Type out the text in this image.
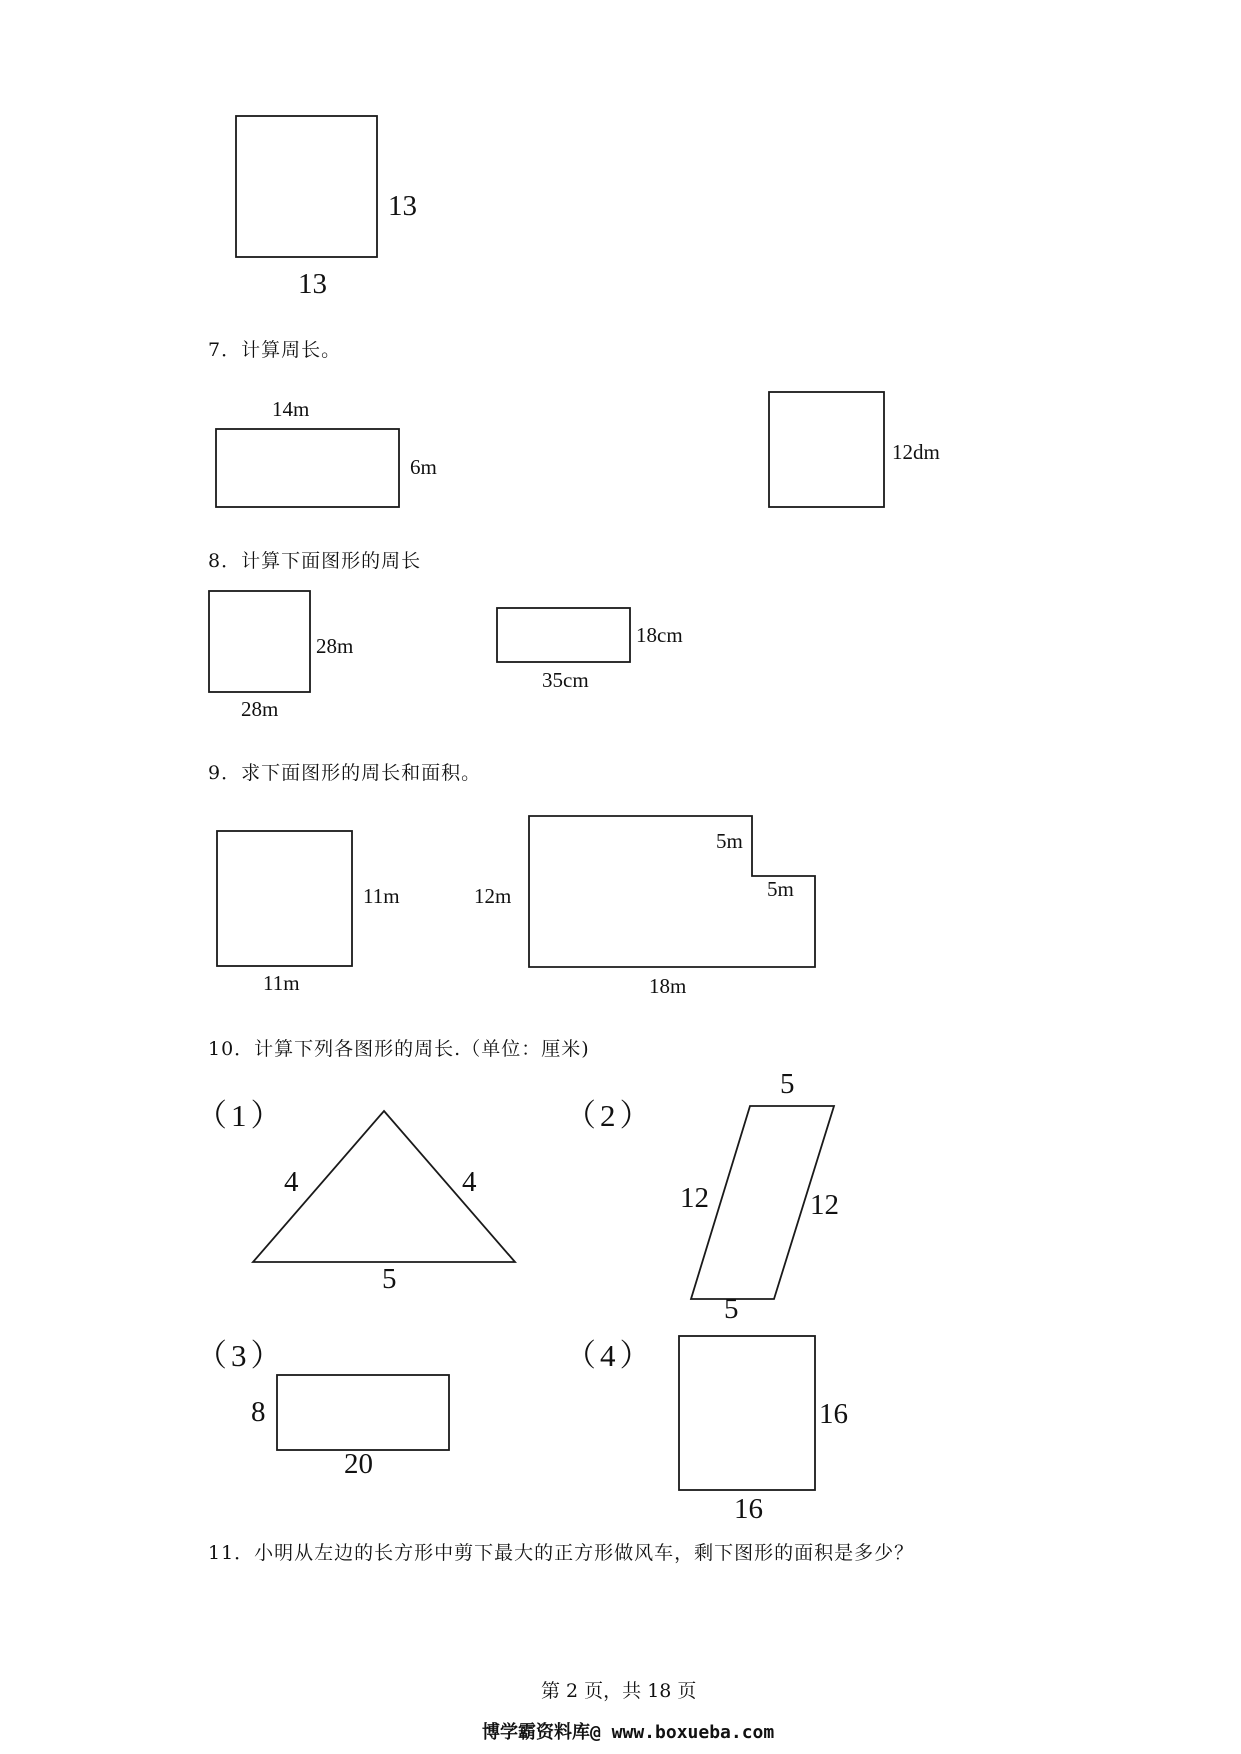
13
13
7．计算周长。
14m
6m
12dm
8．计算下面图形的周长
28m
28m
18cm
35cm
9．求下面图形的周长和面积。
11m
11m
5m
5m
12m
18m
10．计算下列各图形的周长.（单位：厘米)
（1）
4	4
5
（2）
5
12	12
5
（3）
8
20
（4）
16
16
11．小明从左边的长方形中剪下最大的正方形做风车，剩下图形的面积是多少？
第 2 页，共 18 页
博学霸资料库@ www.boxueba.com
